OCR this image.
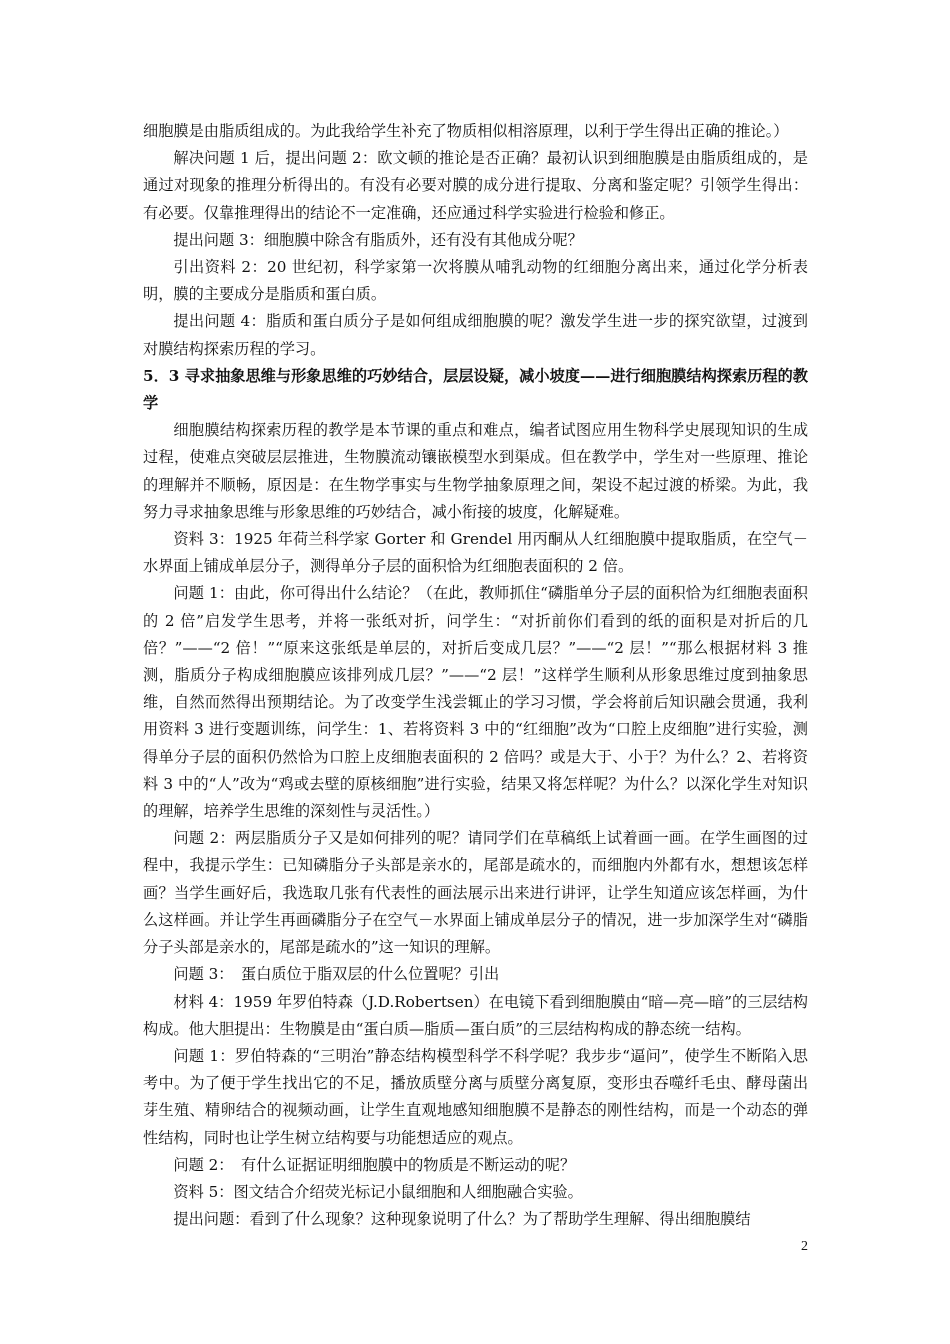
细胞膜是由脂质组成的。为此我给学生补充了物质相似相溶原理，以利于学生得出正确的推论。）

解决问题 1 后，提出问题 2：欧文顿的推论是否正确？最初认识到细胞膜是由脂质组成的，是通过对现象的推理分析得出的。有没有必要对膜的成分进行提取、分离和鉴定呢？引领学生得出：有必要。仅靠推理得出的结论不一定准确，还应通过科学实验进行检验和修正。

提出问题 3：细胞膜中除含有脂质外，还有没有其他成分呢？

引出资料 2：20 世纪初，科学家第一次将膜从哺乳动物的红细胞分离出来，通过化学分析表明，膜的主要成分是脂质和蛋白质。

提出问题 4：脂质和蛋白质分子是如何组成细胞膜的呢？激发学生进一步的探究欲望，过渡到对膜结构探索历程的学习。

5．3 寻求抽象思维与形象思维的巧妙结合，层层设疑，减小坡度——进行细胞膜结构探索历程的教学

细胞膜结构探索历程的教学是本节课的重点和难点，编者试图应用生物科学史展现知识的生成过程，使难点突破层层推进，生物膜流动镶嵌模型水到渠成。但在教学中，学生对一些原理、推论的理解并不顺畅，原因是：在生物学事实与生物学抽象原理之间，架设不起过渡的桥梁。为此，我努力寻求抽象思维与形象思维的巧妙结合，减小衔接的坡度，化解疑难。

资料 3：1925 年荷兰科学家 Gorter 和 Grendel 用丙酮从人红细胞膜中提取脂质，在空气－水界面上铺成单层分子，测得单分子层的面积恰为红细胞表面积的 2 倍。

问题 1：由此，你可得出什么结论？（在此，教师抓住“磷脂单分子层的面积恰为红细胞表面积的 2 倍”启发学生思考，并将一张纸对折，问学生：“对折前你们看到的纸的面积是对折后的几倍？”——“2 倍！”“原来这张纸是单层的，对折后变成几层？”——“2 层！”“那么根据材料 3 推测，脂质分子构成细胞膜应该排列成几层？”——“2 层！”这样学生顺利从形象思维过度到抽象思维，自然而然得出预期结论。为了改变学生浅尝辄止的学习习惯，学会将前后知识融会贯通，我利用资料 3 进行变题训练，问学生：1、若将资料 3 中的“红细胞”改为“口腔上皮细胞”进行实验，测得单分子层的面积仍然恰为口腔上皮细胞表面积的 2 倍吗？或是大于、小于？为什么？2、若将资料 3 中的“人”改为“鸡或去壁的原核细胞”进行实验，结果又将怎样呢？为什么？以深化学生对知识的理解，培养学生思维的深刻性与灵活性。）

问题 2：两层脂质分子又是如何排列的呢？请同学们在草稿纸上试着画一画。在学生画图的过程中，我提示学生：已知磷脂分子头部是亲水的，尾部是疏水的，而细胞内外都有水，想想该怎样画？当学生画好后，我选取几张有代表性的画法展示出来进行讲评，让学生知道应该怎样画，为什么这样画。并让学生再画磷脂分子在空气－水界面上铺成单层分子的情况，进一步加深学生对“磷脂分子头部是亲水的，尾部是疏水的”这一知识的理解。

问题 3：　蛋白质位于脂双层的什么位置呢？引出

材料 4：1959 年罗伯特森（J.D.Robertsen）在电镜下看到细胞膜由“暗—亮—暗”的三层结构构成。他大胆提出：生物膜是由“蛋白质—脂质—蛋白质”的三层结构构成的静态统一结构。

问题 1：罗伯特森的“三明治”静态结构模型科学不科学呢？我步步“逼问”，使学生不断陷入思考中。为了便于学生找出它的不足，播放质壁分离与质壁分离复原，变形虫吞噬纤毛虫、酵母菌出芽生殖、精卵结合的视频动画，让学生直观地感知细胞膜不是静态的刚性结构，而是一个动态的弹性结构，同时也让学生树立结构要与功能想适应的观点。

问题 2：　有什么证据证明细胞膜中的物质是不断运动的呢？

资料 5：图文结合介绍荧光标记小鼠细胞和人细胞融合实验。

提出问题：看到了什么现象？这种现象说明了什么？为了帮助学生理解、得出细胞膜结

2
